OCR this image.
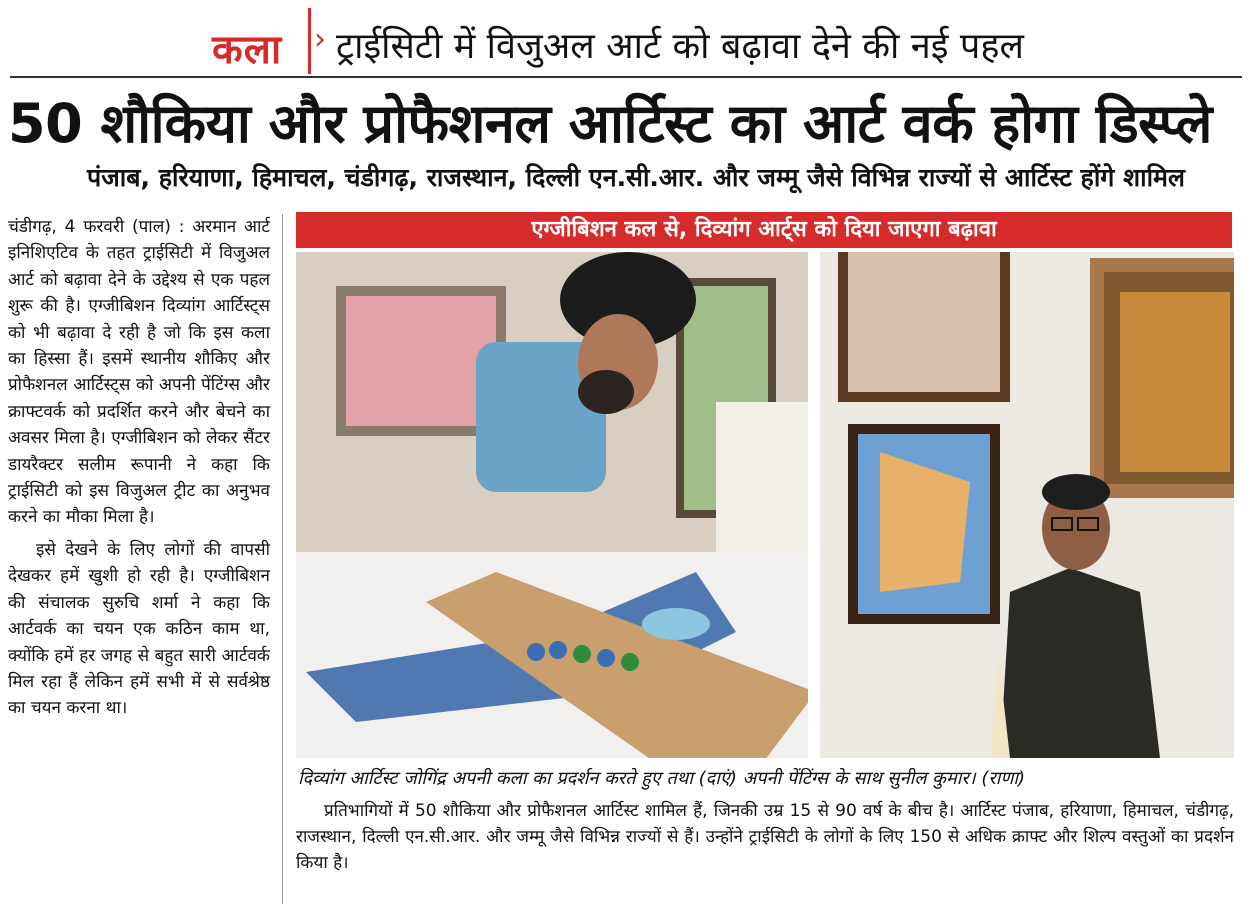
कला › ट्राईसिटी में विजुअल आर्ट को बढ़ावा देने की नई पहल
50 शौकिया और प्रोफैशनल आर्टिस्ट का आर्ट वर्क होगा डिस्प्ले
पंजाब, हरियाणा, हिमाचल, चंडीगढ़, राजस्थान, दिल्ली एन.सी.आर. और जम्मू जैसे विभिन्न राज्यों से आर्टिस्ट होंगे शामिल

चंडीगढ़, 4 फरवरी (पाल) : अरमान आर्ट इनिशिएटिव के तहत ट्राईसिटी में विजुअल आर्ट को बढ़ावा देने के उद्देश्य से एक पहल शुरू की है। एग्जीबिशन दिव्यांग आर्टिस्ट्स को भी बढ़ावा दे रही है जो कि इस कला का हिस्सा हैं। इसमें स्थानीय शौकिए और प्रोफैशनल आर्टिस्ट्स को अपनी पेंटिंग्स और क्राफ्टवर्क को प्रदर्शित करने और बेचने का अवसर मिला है। एग्जीबिशन को लेकर सैंटर डायरैक्टर सलीम रूपानी ने कहा कि ट्राईसिटी को इस विजुअल ट्रीट का अनुभव करने का मौका मिला है।

इसे देखने के लिए लोगों की वापसी देखकर हमें खुशी हो रही है। एग्जीबिशन की संचालक सुरुचि शर्मा ने कहा कि आर्टवर्क का चयन एक कठिन काम था, क्योंकि हमें हर जगह से बहुत सारी आर्टवर्क मिल रहा हैं लेकिन हमें सभी में से सर्वश्रेष्ठ का चयन करना था।

एग्जीबिशन कल से, दिव्यांग आर्ट्स को दिया जाएगा बढ़ावा
दिव्यांग आर्टिस्ट जोगिंद्र अपनी कला का प्रदर्शन करते हुए तथा (दाएं) अपनी पेंटिंग्स के साथ सुनील कुमार। (राणा)
प्रतिभागियों में 50 शौकिया और प्रोफैशनल आर्टिस्ट शामिल हैं, जिनकी उम्र 15 से 90 वर्ष के बीच है। आर्टिस्ट पंजाब, हरियाणा, हिमाचल, चंडीगढ़, राजस्थान, दिल्ली एन.सी.आर. और जम्मू जैसे विभिन्न राज्यों से हैं। उन्होंने ट्राईसिटी के लोगों के लिए 150 से अधिक क्राफ्ट और शिल्प वस्तुओं का प्रदर्शन किया है।
